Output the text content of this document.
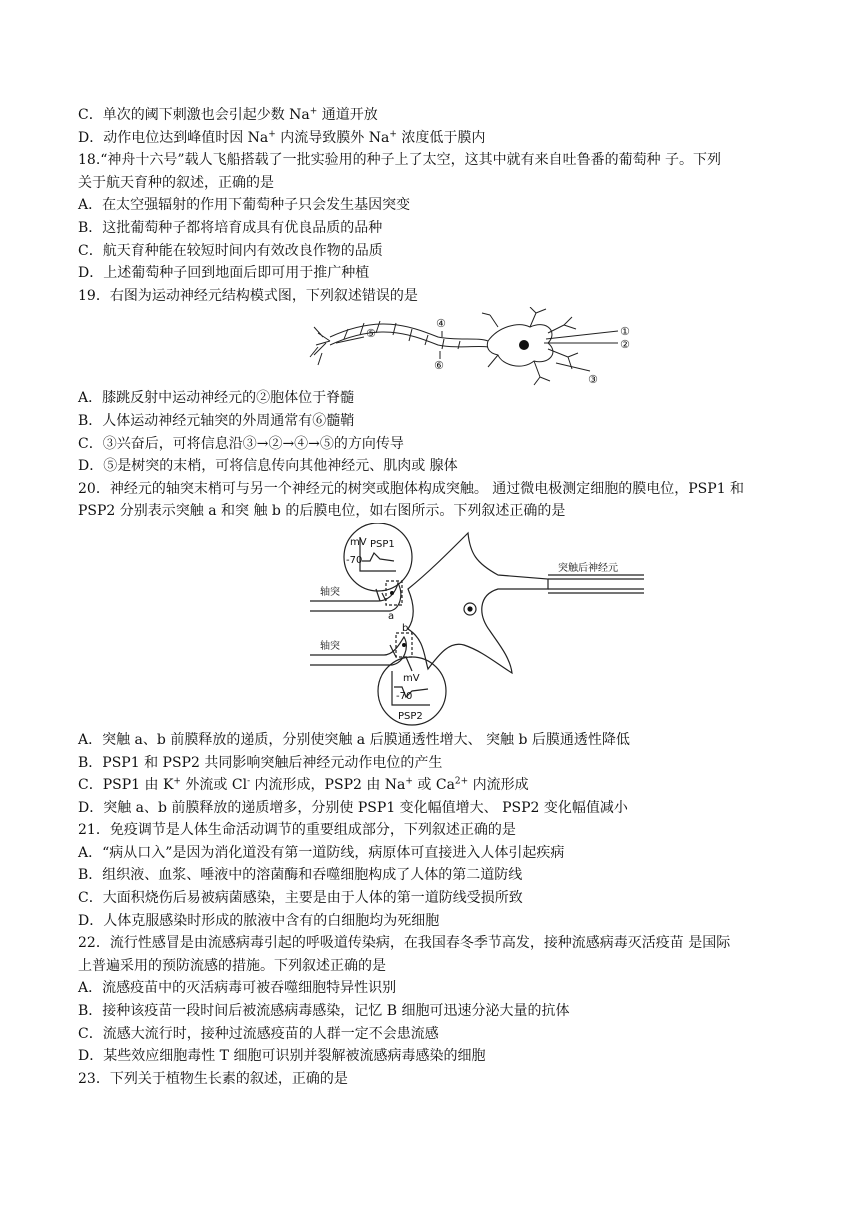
C．单次的阈下刺激也会引起少数 Na+ 通道开放
D．动作电位达到峰值时因 Na+ 内流导致膜外 Na+ 浓度低于膜内
18.“神舟十六号”载人飞船搭载了一批实验用的种子上了太空，这其中就有来自吐鲁番的葡萄种 子。下列
关于航天育种的叙述，正确的是
A．在太空强辐射的作用下葡萄种子只会发生基因突变
B．这批葡萄种子都将培育成具有优良品质的品种
C．航天育种能在较短时间内有效改良作物的品质
D．上述葡萄种子回到地面后即可用于推广种植
19．右图为运动神经元结构模式图，下列叙述错误的是
①
②
③
④
⑤
⑥
A．膝跳反射中运动神经元的②胞体位于脊髓
B．人体运动神经元轴突的外周通常有⑥髓鞘
C．③兴奋后，可将信息沿③→②→④→⑤的方向传导
D．⑤是树突的末梢，可将信息传向其他神经元、肌肉或 腺体
20．神经元的轴突末梢可与另一个神经元的树突或胞体构成突触。 通过微电极测定细胞的膜电位，PSP1 和
PSP2 分别表示突触 a 和突 触 b 的后膜电位，如右图所示。下列叙述正确的是
mV
-70
PSP1
mV
-70
PSP2
轴突
轴突
a
b
突触后神经元
A．突触 a、b 前膜释放的递质，分别使突触 a 后膜通透性增大、 突触 b 后膜通透性降低
B．PSP1 和 PSP2 共同影响突触后神经元动作电位的产生
C．PSP1 由 K+ 外流或 Cl- 内流形成，PSP2 由 Na+ 或 $Ca^{2+}$ 内流形成
D．突触 a、b 前膜释放的递质增多，分别使 PSP1 变化幅值增大、 PSP2 变化幅值减小
21．免疫调节是人体生命活动调节的重要组成部分，下列叙述正确的是
A．“病从口入”是因为消化道没有第一道防线，病原体可直接进入人体引起疾病
B．组织液、血浆、唾液中的溶菌酶和吞噬细胞构成了人体的第二道防线
C．大面积烧伤后易被病菌感染，主要是由于人体的第一道防线受损所致
D．人体克服感染时形成的脓液中含有的白细胞均为死细胞
22．流行性感冒是由流感病毒引起的呼吸道传染病，在我国春冬季节高发，接种流感病毒灭活疫苗 是国际
上普遍采用的预防流感的措施。下列叙述正确的是
A．流感疫苗中的灭活病毒可被吞噬细胞特异性识别
B．接种该疫苗一段时间后被流感病毒感染，记忆 B 细胞可迅速分泌大量的抗体
C．流感大流行时，接种过流感疫苗的人群一定不会患流感
D．某些效应细胞毒性 T 细胞可识别并裂解被流感病毒感染的细胞
23．下列关于植物生长素的叙述，正确的是
